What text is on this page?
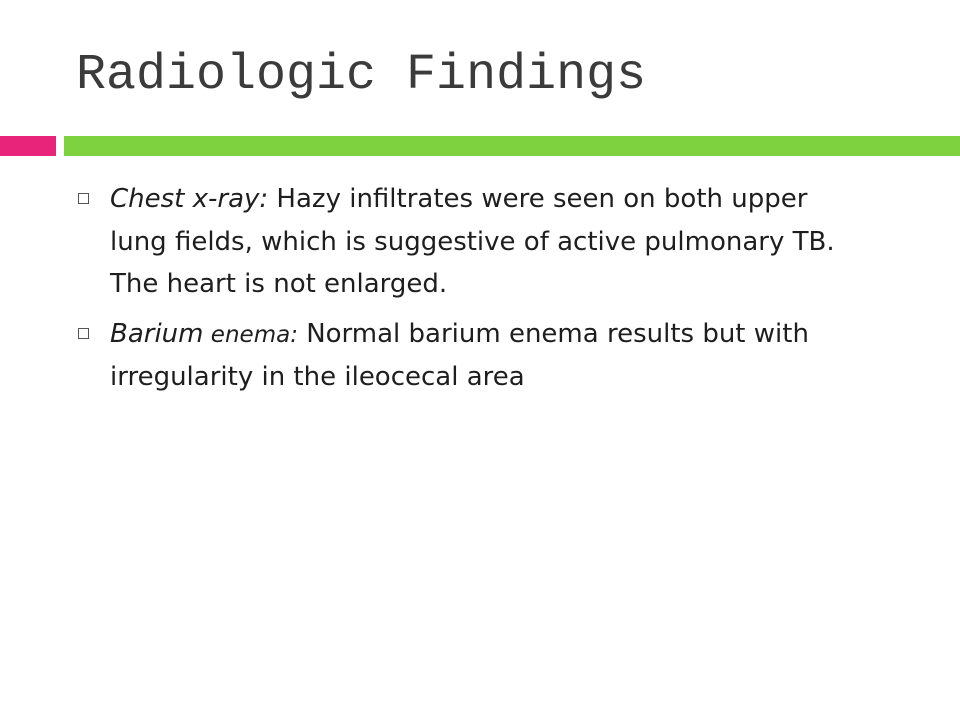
Radiologic Findings
Chest x-ray: Hazy infiltrates were seen on both upper lung fields, which is suggestive of active pulmonary TB. The heart is not enlarged.
Barium enema: Normal barium enema results but with irregularity in the ileocecal area
